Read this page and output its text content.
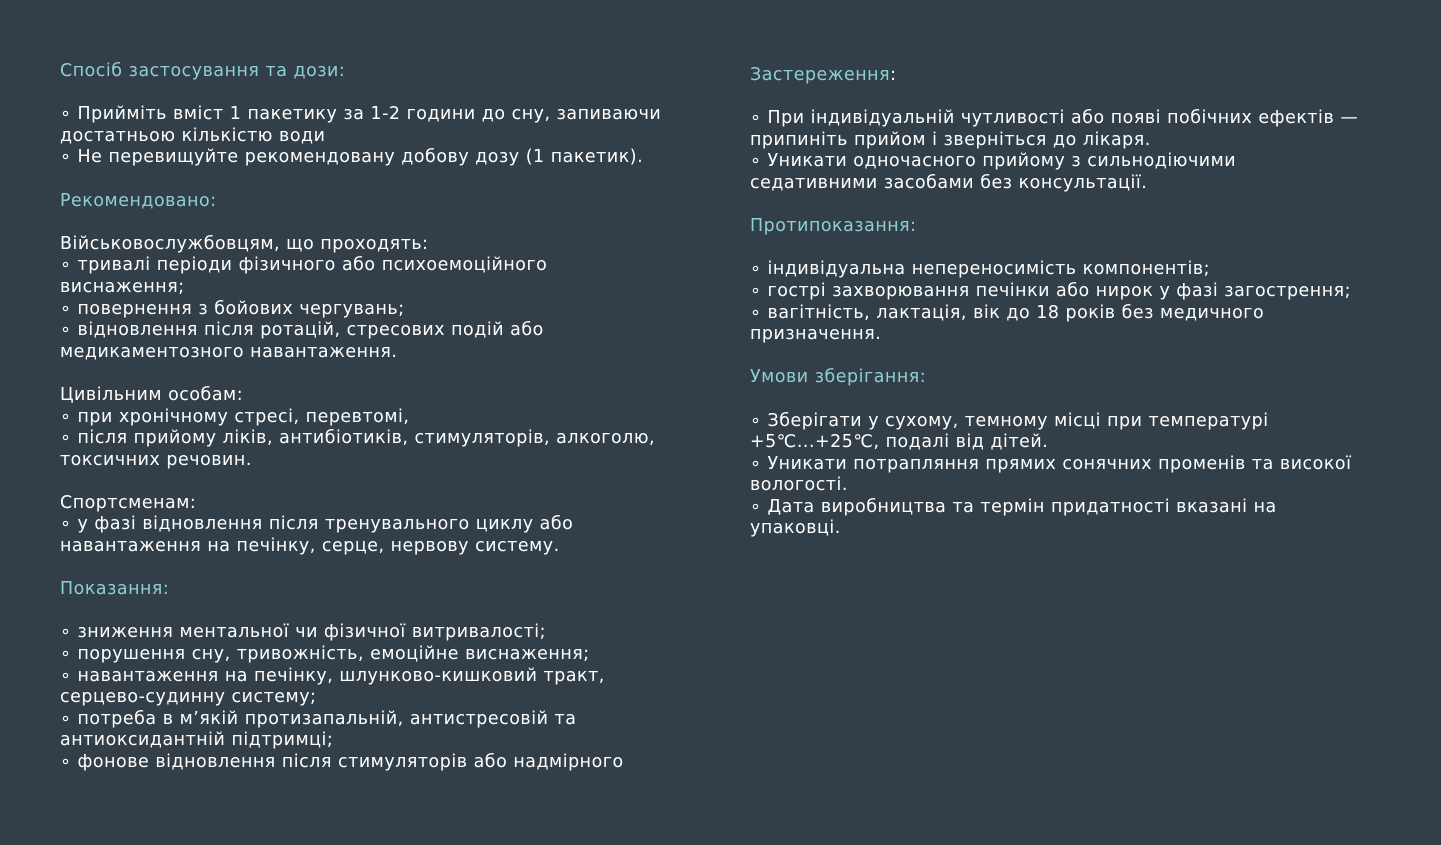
Спосіб застосування та дози:

∘ Прийміть вміст 1 пакетику за 1-2 години до сну, запиваючи

достатньою кількістю води

∘ Не перевищуйте рекомендовану добову дозу (1 пакетик).

Рекомендовано:

Військовослужбовцям, що проходять:

∘ тривалі періоди фізичного або психоемоційного

виснаження;

∘ повернення з бойових чергувань;

∘ відновлення після ротацій, стресових подій або

медикаментозного навантаження.

Цивільним особам:

∘ при хронічному стресі, перевтомі,

∘ після прийому ліків, антибіотиків, стимуляторів, алкоголю,

токсичних речовин.

Спортсменам:

∘ у фазі відновлення після тренувального циклу або

навантаження на печінку, серце, нервову систему.

Показання:

∘ зниження ментальної чи фізичної витривалості;

∘ порушення сну, тривожність, емоційне виснаження;

∘ навантаження на печінку, шлунково-кишковий тракт,

серцево-судинну систему;

∘ потреба в м’якій протизапальній, антистресовій та

антиоксидантній підтримці;

∘ фонове відновлення після стимуляторів або надмірного

Застереження:

∘ При індивідуальній чутливості або появі побічних ефектів —

припиніть прийом і зверніться до лікаря.

∘ Уникати одночасного прийому з сильнодіючими

седативними засобами без консультації.

Протипоказання:

∘ індивідуальна непереносимість компонентів;

∘ гострі захворювання печінки або нирок у фазі загострення;

∘ вагітність, лактація, вік до 18 років без медичного

призначення.

Умови зберігання:

∘ Зберігати у сухому, темному місці при температурі

+5℃...+25℃, подалі від дітей.

∘ Уникати потрапляння прямих сонячних променів та високої

вологості.

∘ Дата виробництва та термін придатності вказані на

упаковці.
